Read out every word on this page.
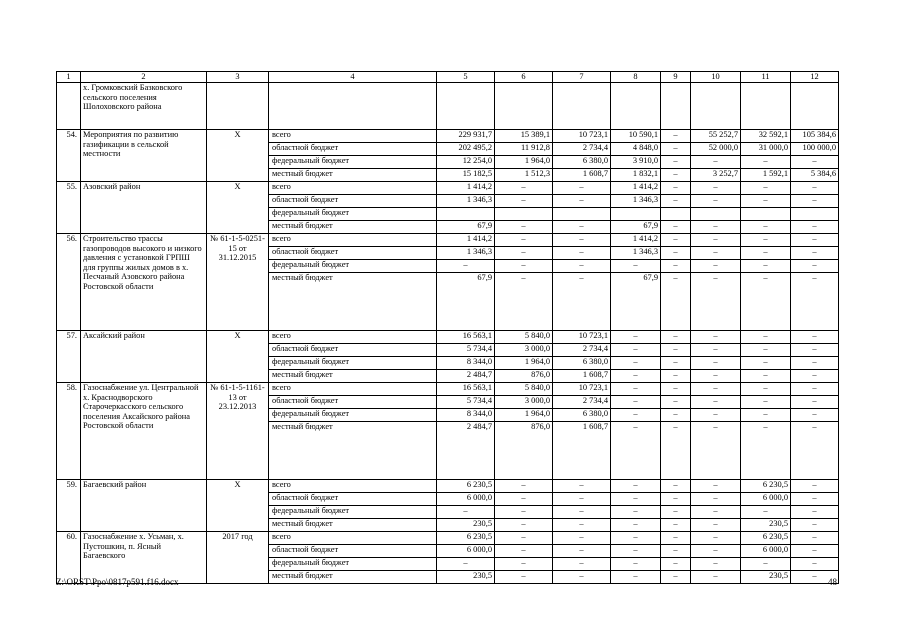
1	2	3	4	5	6	7	8	9	10	11	12
	х. Громковский Базковского сельского поселения Шолоховского района										
54.	Мероприятия по развитию газификации в сельской местности	Х	всего	229 931,7	15 389,1	10 723,1	10 590,1	–	55 252,7	32 592,1	105 384,6
			областной бюджет	202 495,2	11 912,8	2 734,4	4 848,0	–	52 000,0	31 000,0	100 000,0
			федеральный бюджет	12 254,0	1 964,0	6 380,0	3 910,0	–	–	–	–
			местный бюджет	15 182,5	1 512,3	1 608,7	1 832,1	–	3 252,7	1 592,1	5 384,6
55.	Азовский район	Х	всего	1 414,2	–	–	1 414,2	–	–	–	–
			областной бюджет	1 346,3	–	–	1 346,3	–	–	–	–
			федеральный бюджет								
			местный бюджет	67,9	–	–	67,9	–	–	–	–
56.	Строительство трассы газопроводов высокого и низкого давления с установкой ГРПШ для группы жилых домов в х. Песчаный Азовского района Ростовской области	№ 61-1-5-0251-15 от 31.12.2015	всего	1 414,2	–	–	1 414,2	–	–	–	–
			областной бюджет	1 346,3	–	–	1 346,3	–	–	–	–
			федеральный бюджет	–	–	–	–	–	–	–	–
			местный бюджет	67,9	–	–	67,9	–	–	–	–
57.	Аксайский район	Х	всего	16 563,1	5 840,0	10 723,1	–	–	–	–	–
			областной бюджет	5 734,4	3 000,0	2 734,4	–	–	–	–	–
			федеральный бюджет	8 344,0	1 964,0	6 380,0	–	–	–	–	–
			местный бюджет	2 484,7	876,0	1 608,7	–	–	–	–	–
58.	Газоснабжение ул. Центральной х. Краснодворского Старочеркасского сельского поселения Аксайского района Ростовской области	№ 61-1-5-1161-13 от 23.12.2013	всего	16 563,1	5 840,0	10 723,1	–	–	–	–	–
			областной бюджет	5 734,4	3 000,0	2 734,4	–	–	–	–	–
			федеральный бюджет	8 344,0	1 964,0	6 380,0	–	–	–	–	–
			местный бюджет	2 484,7	876,0	1 608,7	–	–	–	–	–
59.	Багаевский район	Х	всего	6 230,5	–	–	–	–	–	6 230,5	–
			областной бюджет	6 000,0	–	–	–	–	–	6 000,0	–
			федеральный бюджет	–	–	–	–	–	–	–	–
			местный бюджет	230,5	–	–	–	–	–	230,5	–
60.	Газоснабжение х. Усьман, х. Пустошкин, п. Ясный Багаевского	2017 год	всего	6 230,5	–	–	–	–	–	6 230,5	–
			областной бюджет	6 000,0	–	–	–	–	–	6 000,0	–
			федеральный бюджет	–	–	–	–	–	–	–	–
			местный бюджет	230,5	–	–	–	–	–	230,5	–
Z:\ORST\Ppo\0817p591.f16.docx	48
